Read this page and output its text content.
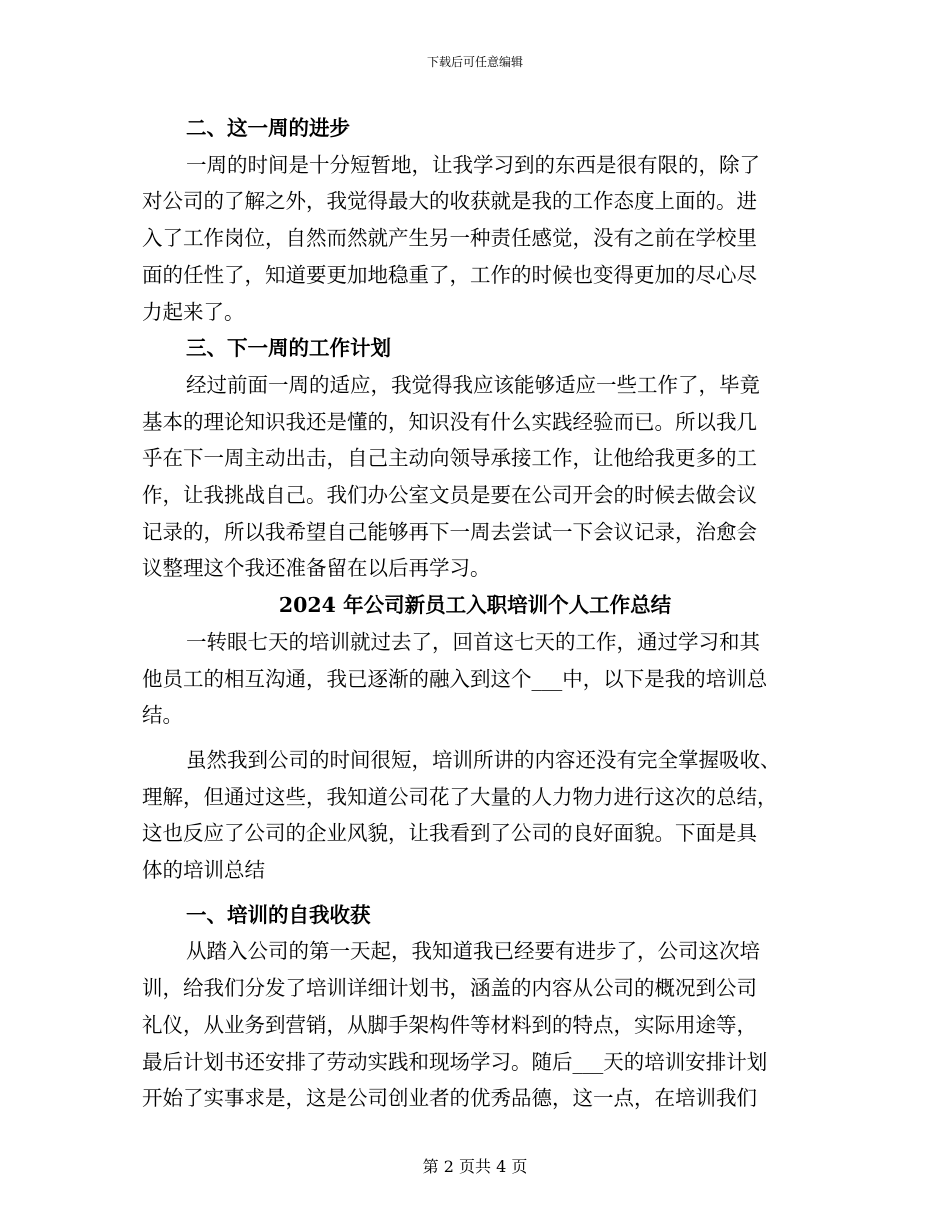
下载后可任意编辑

二、这一周的进步

一周的时间是十分短暂地，让我学习到的东西是很有限的，除了
对公司的了解之外，我觉得最大的收获就是我的工作态度上面的。进
入了工作岗位，自然而然就产生另一种责任感觉，没有之前在学校里
面的任性了，知道要更加地稳重了，工作的时候也变得更加的尽心尽
力起来了。

三、下一周的工作计划

经过前面一周的适应，我觉得我应该能够适应一些工作了，毕竟
基本的理论知识我还是懂的，知识没有什么实践经验而已。所以我几
乎在下一周主动出击，自己主动向领导承接工作，让他给我更多的工
作，让我挑战自己。我们办公室文员是要在公司开会的时候去做会议
记录的，所以我希望自己能够再下一周去尝试一下会议记录，治愈会
议整理这个我还准备留在以后再学习。

2024 年公司新员工入职培训个人工作总结

一转眼七天的培训就过去了，回首这七天的工作，通过学习和其
他员工的相互沟通，我已逐渐的融入到这个___中，以下是我的培训总
结。

虽然我到公司的时间很短，培训所讲的内容还没有完全掌握吸收、
理解，但通过这些，我知道公司花了大量的人力物力进行这次的总结，
这也反应了公司的企业风貌，让我看到了公司的良好面貌。下面是具
体的培训总结

一、培训的自我收获

从踏入公司的第一天起，我知道我已经要有进步了，公司这次培
训，给我们分发了培训详细计划书，涵盖的内容从公司的概况到公司
礼仪，从业务到营销，从脚手架构件等材料到的特点，实际用途等，
最后计划书还安排了劳动实践和现场学习。随后___天的培训安排计划
开始了实事求是，这是公司创业者的优秀品德，这一点，在培训我们

第 2 页共 4 页
